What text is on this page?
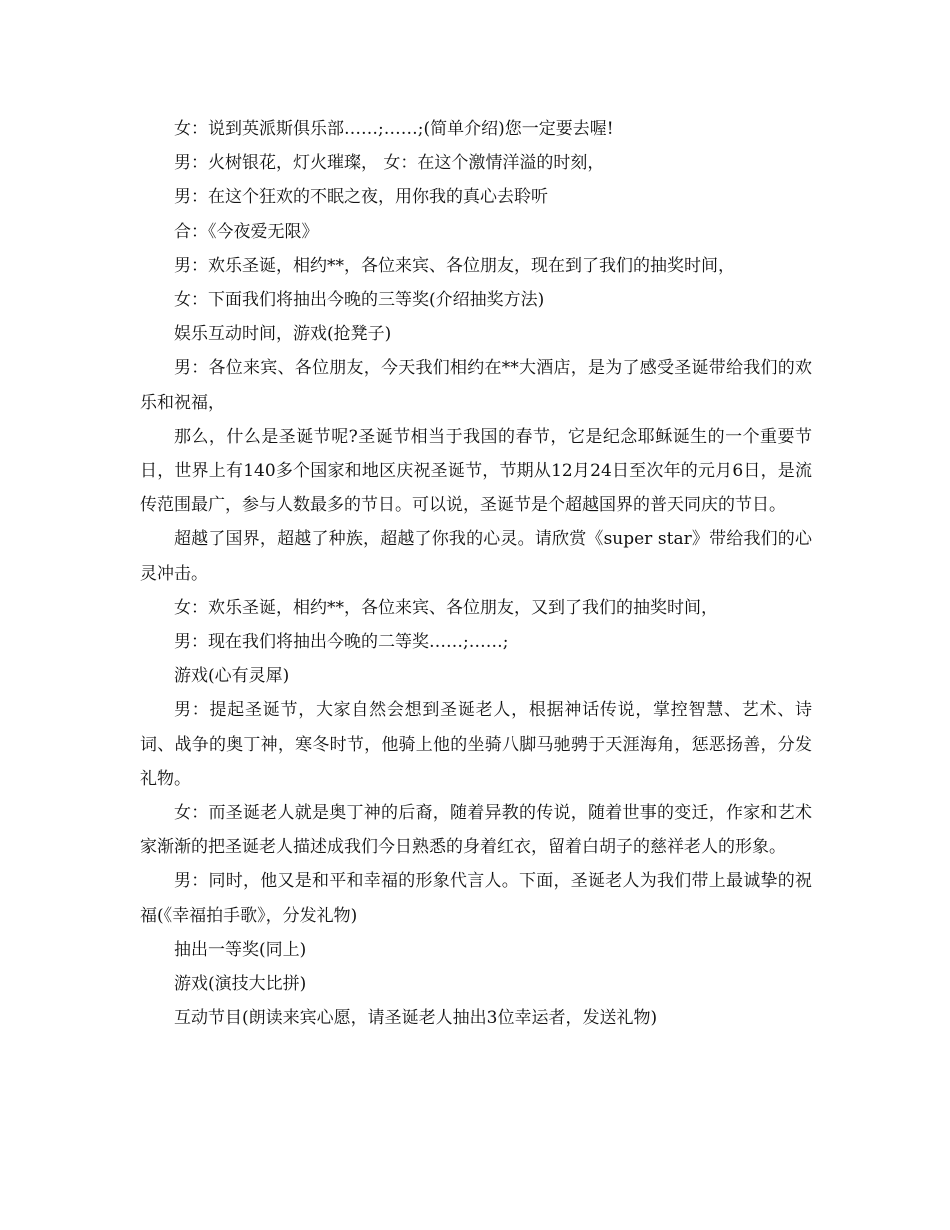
女：说到英派斯俱乐部……;……;(简单介绍)您一定要去喔!

男：火树银花，灯火璀璨， 女：在这个激情洋溢的时刻，

男：在这个狂欢的不眠之夜，用你我的真心去聆听

合：《今夜爱无限》

男：欢乐圣诞，相约**，各位来宾、各位朋友，现在到了我们的抽奖时间，

女：下面我们将抽出今晚的三等奖(介绍抽奖方法)

娱乐互动时间，游戏(抢凳子)

男：各位来宾、各位朋友，今天我们相约在**大酒店，是为了感受圣诞带给我们的欢乐和祝福，

那么，什么是圣诞节呢?圣诞节相当于我国的春节，它是纪念耶稣诞生的一个重要节日，世界上有140多个国家和地区庆祝圣诞节，节期从12月24日至次年的元月6日，是流传范围最广，参与人数最多的节日。可以说，圣诞节是个超越国界的普天同庆的节日。

超越了国界，超越了种族，超越了你我的心灵。请欣赏《super star》带给我们的心灵冲击。

女：欢乐圣诞，相约**，各位来宾、各位朋友，又到了我们的抽奖时间，

男：现在我们将抽出今晚的二等奖……;……;

游戏(心有灵犀)

男：提起圣诞节，大家自然会想到圣诞老人，根据神话传说，掌控智慧、艺术、诗词、战争的奥丁神，寒冬时节，他骑上他的坐骑八脚马驰骋于天涯海角，惩恶扬善，分发礼物。

女：而圣诞老人就是奥丁神的后裔，随着异教的传说，随着世事的变迁，作家和艺术家渐渐的把圣诞老人描述成我们今日熟悉的身着红衣，留着白胡子的慈祥老人的形象。

男：同时，他又是和平和幸福的形象代言人。下面，圣诞老人为我们带上最诚挚的祝福(《幸福拍手歌》，分发礼物)

抽出一等奖(同上)

游戏(演技大比拼)

互动节目(朗读来宾心愿，请圣诞老人抽出3位幸运者，发送礼物)
